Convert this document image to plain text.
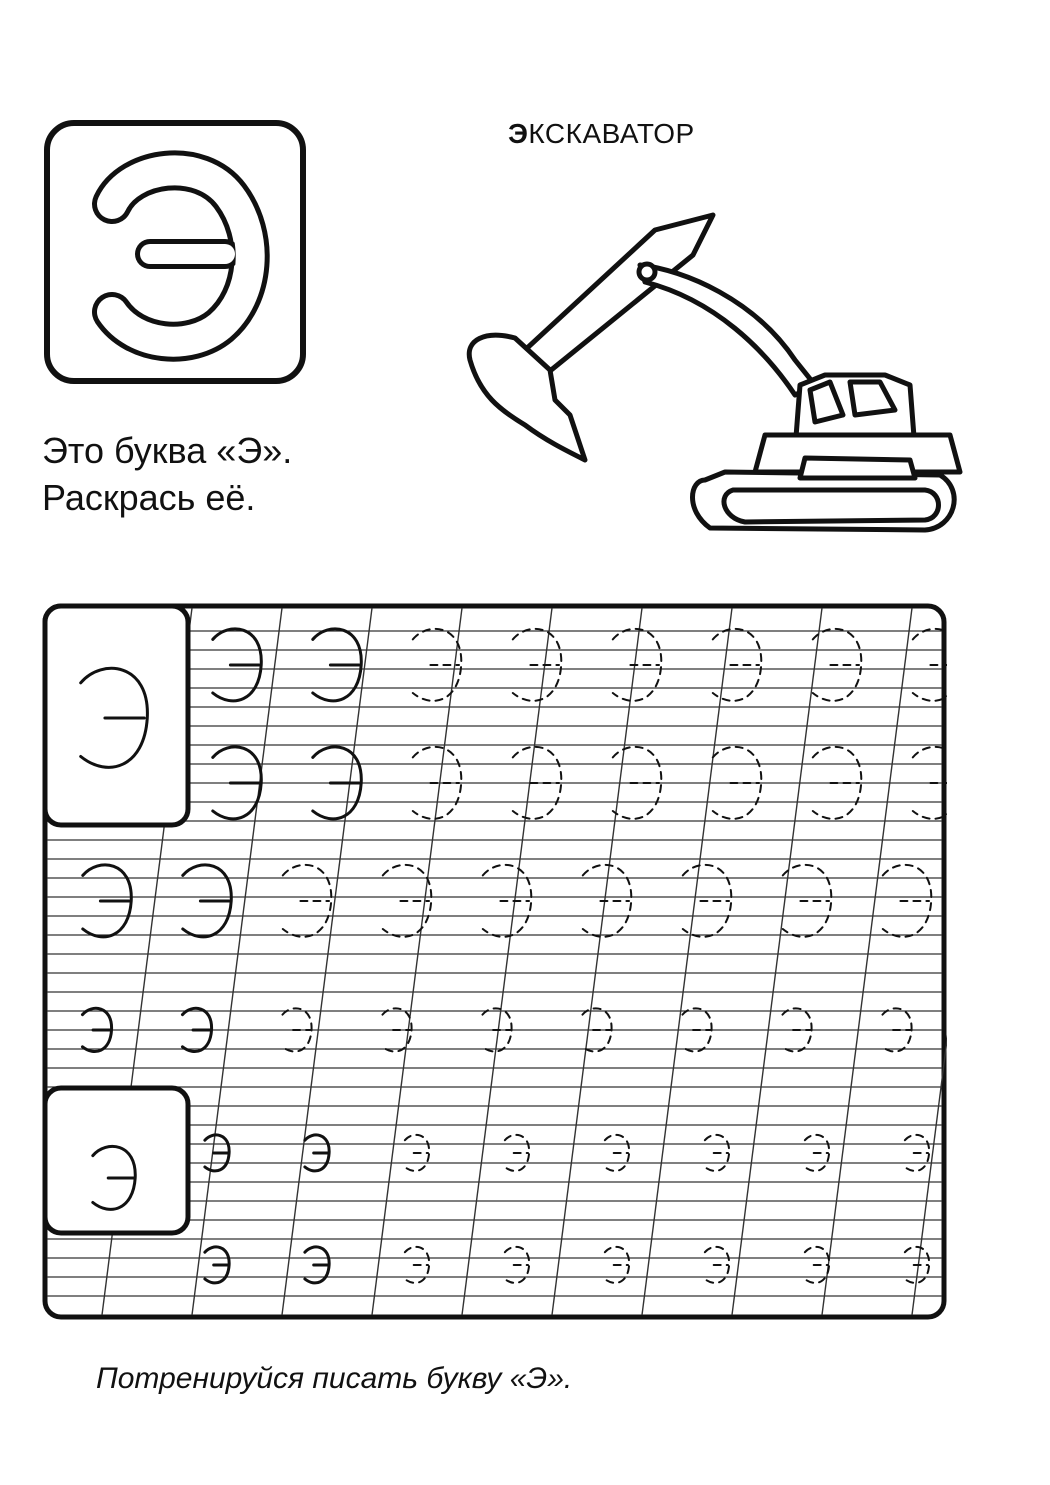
ЭКСКАВАТОР
Это буква «Э».
Раскрась её.
Потренируйся писать букву «Э».
